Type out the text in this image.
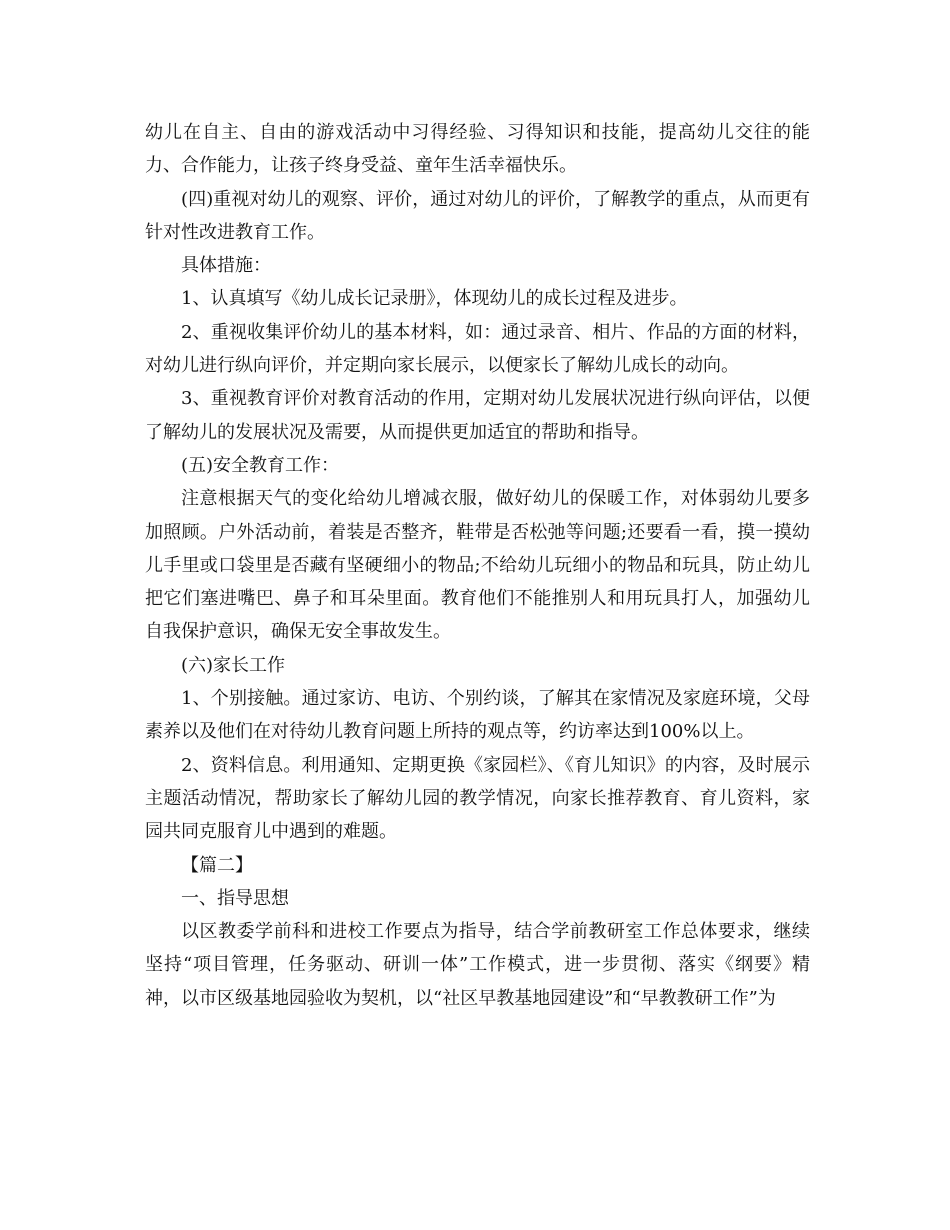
幼儿在自主、自由的游戏活动中习得经验、习得知识和技能，提高幼儿交往的能力、合作能力，让孩子终身受益、童年生活幸福快乐。

(四)重视对幼儿的观察、评价，通过对幼儿的评价，了解教学的重点，从而更有针对性改进教育工作。

具体措施：

1、认真填写《幼儿成长记录册》，体现幼儿的成长过程及进步。

2、重视收集评价幼儿的基本材料，如：通过录音、相片、作品的方面的材料，对幼儿进行纵向评价，并定期向家长展示，以便家长了解幼儿成长的动向。

3、重视教育评价对教育活动的作用，定期对幼儿发展状况进行纵向评估，以便了解幼儿的发展状况及需要，从而提供更加适宜的帮助和指导。

(五)安全教育工作：

注意根据天气的变化给幼儿增减衣服，做好幼儿的保暖工作，对体弱幼儿要多加照顾。户外活动前，着装是否整齐，鞋带是否松弛等问题;还要看一看，摸一摸幼儿手里或口袋里是否藏有坚硬细小的物品;不给幼儿玩细小的物品和玩具，防止幼儿把它们塞进嘴巴、鼻子和耳朵里面。教育他们不能推别人和用玩具打人，加强幼儿自我保护意识，确保无安全事故发生。

(六)家长工作

1、个别接触。通过家访、电访、个别约谈，了解其在家情况及家庭环境，父母素养以及他们在对待幼儿教育问题上所持的观点等，约访率达到100%以上。

2、资料信息。利用通知、定期更换《家园栏》、《育儿知识》的内容，及时展示主题活动情况，帮助家长了解幼儿园的教学情况，向家长推荐教育、育儿资料，家园共同克服育儿中遇到的难题。

【篇二】

一、指导思想

以区教委学前科和进校工作要点为指导，结合学前教研室工作总体要求，继续坚持“项目管理，任务驱动、研训一体”工作模式，进一步贯彻、落实《纲要》精神，以市区级基地园验收为契机，以“社区早教基地园建设”和“早教教研工作”为
